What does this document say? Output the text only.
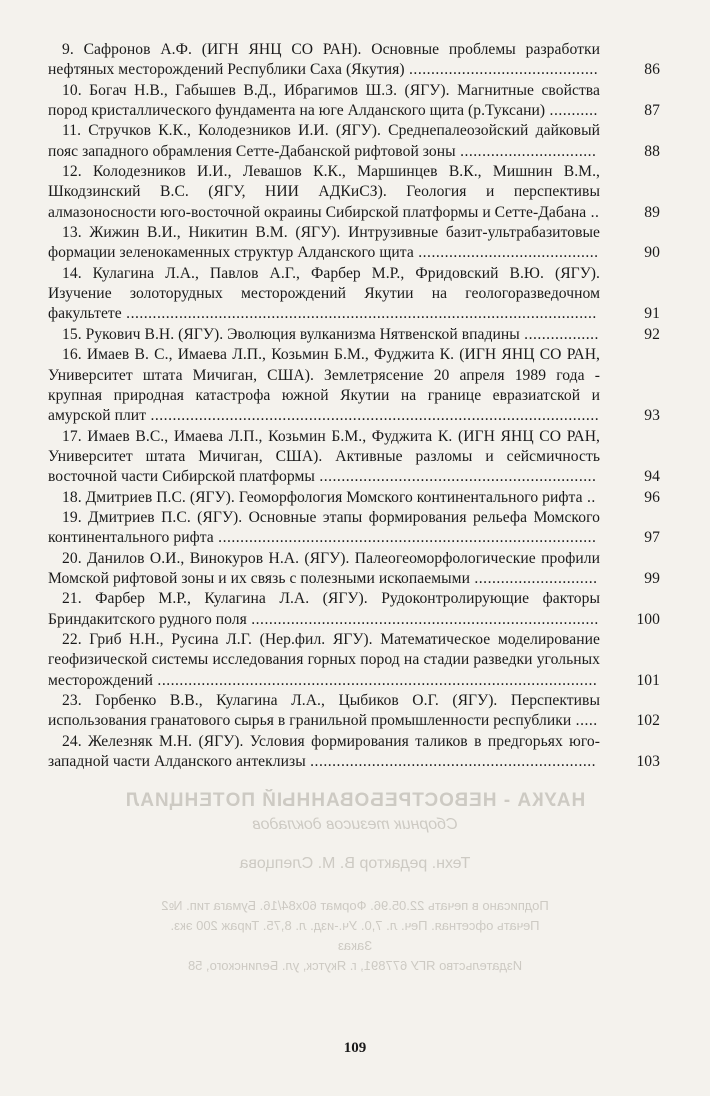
9. Сафронов А.Ф. (ИГН ЯНЦ СО РАН). Основные проблемы разработки нефтяных месторождений Республики Саха (Якутия) ...........................................	86

10. Богач Н.В., Габышев В.Д., Ибрагимов Ш.З. (ЯГУ). Магнитные свойства пород кристаллического фундамента на юге Алданского щита (р.Туксани) ...........	87

11. Стручков К.К., Колодезников И.И. (ЯГУ). Среднепалеозойский дайковый пояс западного обрамления Сетте-Дабанской рифтовой зоны ...............................	88

12. Колодезников И.И., Левашов К.К., Маршинцев В.К., Мишнин В.М., Шкодзинский В.С. (ЯГУ, НИИ АДКиСЗ). Геология и перспективы алмазоносности юго-восточной окраины Сибирской платформы и Сетте-Дабана ..	89

13. Жижин В.И., Никитин В.М. (ЯГУ). Интрузивные базит-ультрабазитовые формации зеленокаменных структур Алданского щита .........................................	90

14. Кулагина Л.А., Павлов А.Г., Фарбер М.Р., Фридовский В.Ю. (ЯГУ). Изучение золоторудных месторождений Якутии на геологоразведочном факультете ...........................................................................................................	91

15. Рукович В.Н. (ЯГУ). Эволюция вулканизма Нятвенской впадины .................	92

16. Имаев В. С., Имаева Л.П., Козьмин Б.М., Фуджита К. (ИГН ЯНЦ СО РАН, Университет штата Мичиган, США). Землетрясение 20 апреля 1989 года - крупная природная катастрофа южной Якутии на границе евразиатской и амурской плит ......................................................................................................	93

17. Имаев В.С., Имаева Л.П., Козьмин Б.М., Фуджита К. (ИГН ЯНЦ СО РАН, Университет штата Мичиган, США). Активные разломы и сейсмичность восточной части Сибирской платформы ...............................................................	94

18. Дмитриев П.С. (ЯГУ). Геоморфология Момского континентального рифта ..	96

19. Дмитриев П.С. (ЯГУ). Основные этапы формирования рельефа Момского континентального рифта ......................................................................................	97

20. Данилов О.И., Винокуров Н.А. (ЯГУ). Палеогеоморфологические профили Момской рифтовой зоны и их связь с полезными ископаемыми ............................	99

21. Фарбер М.Р., Кулагина Л.А. (ЯГУ). Рудоконтролирующие факторы Бриндакитского рудного поля ...............................................................................	100

22. Гриб Н.Н., Русина Л.Г. (Нер.фил. ЯГУ). Математическое моделирование геофизической системы исследования горных пород на стадии разведки угольных месторождений ....................................................................................................	101

23. Горбенко В.В., Кулагина Л.А., Цыбиков О.Г. (ЯГУ). Перспективы использования гранатового сырья в гранильной промышленности республики .....	102

24. Железняк М.Н. (ЯГУ). Условия формирования таликов в предгорьях юго-западной части Алданского антеклизы .................................................................	103

НАУКА - НЕВОСТРЕБОВАННЫЙ ПОТЕНЦИАЛ
Сборник тезисов докладов
Техн. редактор В. М. Слепцова
Подписано в печать 22.05.96. Формат 60х84/16. Бумага тип. №2
Печать офсетная. Печ. л. 7,0. Уч.-изд. л. 8,75. Тираж 200 экз.
Заказ
Издательство ЯГУ 677891, г. Якутск, ул. Белинского, 58
109
